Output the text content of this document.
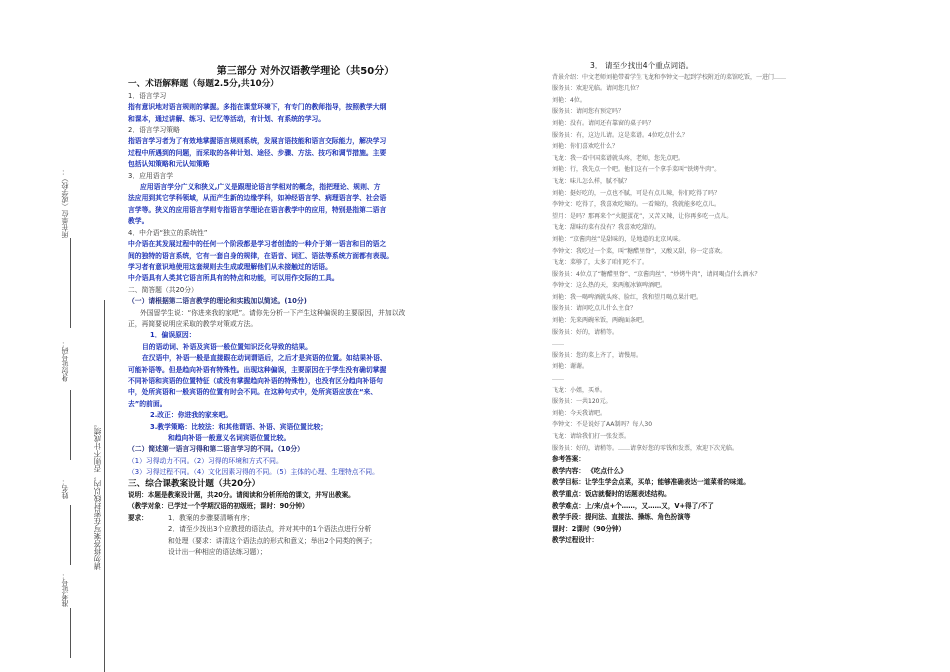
所在单位（或学校）：
身份证号码：
姓名：
准考证号：
请勿将答案写在密封线以内，否则不计成绩。
第三部分 对外汉语教学理论（共50分）
一、术语解释题（每题2.5分,共10分）
1．语言学习
指有意识地对语言规则的掌握。多指在课堂环境下，有专门的教师指导，按照教学大纲
和课本，通过讲解、练习、记忆等活动，有计划、有系统的学习。
2．语言学习策略
指语言学习者为了有效地掌握语言规则系统，发展言语技能和语言交际能力，解决学习
过程中所遇到的问题，而采取的各种计划、途径、步骤、方法、技巧和调节措施。主要
包括认知策略和元认知策略
3．应用语言学
应用语言学分广义和狭义,广义是跟理论语言学相对的概念，指把理论、规则、方
法应用到其它学科领域，从而产生新的边缘学科，如神经语言学、病理语言学、社会语
言学等。狭义的应用语言学则专指语言学理论在语言教学中的应用，特别是指第二语言
教学。
4．中介语“独立的系统性”
中介语在其发展过程中的任何一个阶段都是学习者创造的一种介于第一语言和目的语之
间的独特的语言系统，它有一套自身的规律，在语音、词汇、语法等系统方面都有表现。
学习者有意识地使用这套规则去生成或理解他们从未接触过的话语。
中介语具有人类其它语言所具有的特点和功能，可以用作交际的工具。
二、简答题（共20分）
（一）请根据第二语言教学的理论和实践加以简述。(10分)
外国留学生说：“你进来我的家吧”。请你先分析一下产生这种偏误的主要原因，并加以改
正，再简要说明应采取的教学对策或方法。
1．偏误原因：
目的语动词、补语及宾语一般位置知识泛化导致的结果。
在汉语中，补语一般是直接跟在动词谓语后，之后才是宾语的位置。如结果补语、
可能补语等。但是趋向补语有特殊性。出现这种偏误，主要原因在于学生没有确切掌握
不同补语和宾语的位置特征（或没有掌握趋向补语的特殊性），也没有区分趋向补语句
中，处所宾语和一般宾语的位置有时会不同。在这种句式中，处所宾语应放在“来、
去”的前面。
2.改正：你进我的家来吧。
3.教学策略：比较法：和其他谓语、补语、宾语位置比较；
和趋向补语一般意义名词宾语位置比较。
（二）简述第一语言习得和第二语言学习的不同。（10分）
（1）习得动力不同。（2）习得的环境和方式不同。
（3）习得过程不同。（4）文化因素习得的不同。（5）主体的心理、生理特点不同。
三、综合课教案设计题（共20分）
说明：本题是教案设计题，共20分。请阅读和分析所给的课文，并写出教案。
（教学对象：已学过一个学期汉语的初级班；课时：90分钟）
要求：	1．教案的步骤要清晰有序；
2．请至少找出3个应教授的语法点，并对其中的1个语法点进行分析
和处理（要求：讲清这个语法点的形式和意义；举出2个同类的例子；
设计出一种相应的语法练习题）；
3． 请至少找出4个重点词语。
背景介绍：中文老师刘艳带着学生飞龙和李钟文一起到学校附近的菜馆吃饭，一进门……
服务员：欢迎光临。请问您几位？
刘艳：4位。
服务员：请问您有预定吗？
刘艳：没有。请问还有靠窗的桌子吗？
服务员：有，这边儿请。这是菜谱。4位吃点什么？
刘艳：你们喜欢吃什么？
飞龙：我一看中国菜谱就头疼，老师，您先点吧。
刘艳：行，我先点一个吧。他们这有一个拿手菜叫“铁烤牛肉”。
飞龙：味儿怎么样，腻不腻？
刘艳：挺好吃的，一点也不腻，可是有点儿辣，你们吃得了吗？
李钟文：吃得了，我喜欢吃辣的。一看辣的，我就能多吃点儿。
望月：是吗？那再来个“火腿蛋花”，又苦又辣，让你再多吃一点儿。
飞龙：甜味的菜有没有？我喜欢吃甜的。
刘艳：“京酱肉丝”是甜味的，是地道的北京风味。
李钟文：我吃过一个菜，叫“糖醋里脊”，又酸又甜，你一定喜欢。
飞龙：菜够了，太多了咱们吃不了。
服务员：4位点了“糖醋里脊”、“京酱肉丝”、“炒烤牛肉”，请问喝点什么酒水？
李钟文：这么热的天，来两瓶冰镇啤酒吧。
刘艳：我一喝啤酒就头疼、脸红，我和望月喝点果汁吧。
服务员：请问吃点儿什么主食？
刘艳：先来两碗米饭，两碗面条吧。
服务员：好的，请稍等。
……
服务员：您的菜上齐了，请慢用。
刘艳：谢谢。
……
飞龙：小姐，买单。
服务员：一共120元。
刘艳：今天我请吧。
李钟文：不是说好了AA制吗？每人30
飞龙：请给我们打一张发票。
服务员：好的，请稍等。……请拿好您的零钱和发票，欢迎下次光临。
参考答案：
教学内容： 《吃点什么》
教学目标：让学生学会点菜，买单；能够准确表达一道菜肴的味道。
教学重点：饭店就餐时的话题表述结构。
教学难点：上/来/点+个……，又……又，V+得了/不了
教学手段：提问法、直接法、操练、角色扮演等
课时：2课时（90分钟）
教学过程设计：
